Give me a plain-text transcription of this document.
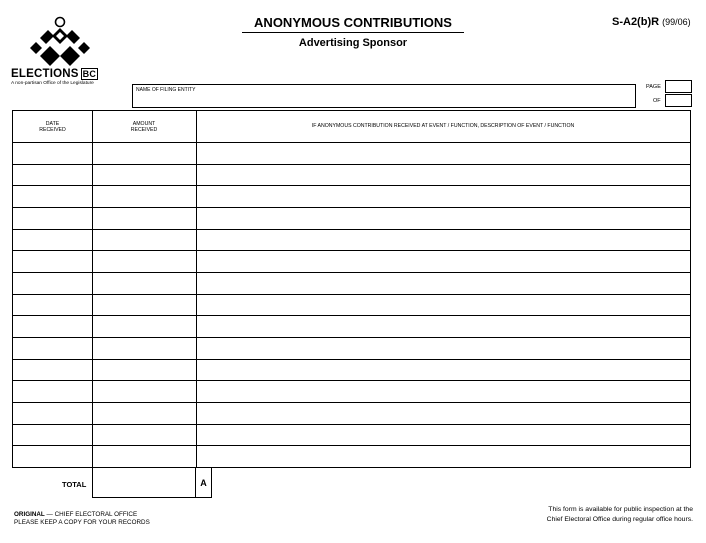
ELECTIONS BC
A non-partisan Office of the Legislature
ANONYMOUS CONTRIBUTIONS
Advertising Sponsor
S-A2(b)R (99/06)
NAME OF FILING ENTITY	PAGE
OF
DATE
RECEIVED
AMOUNT
RECEIVED
IF ANONYMOUS CONTRIBUTION RECEIVED AT EVENT / FUNCTION, DESCRIPTION OF EVENT / FUNCTION
TOTAL	A
ORIGINAL — CHIEF ELECTORAL OFFICE
PLEASE KEEP A COPY FOR YOUR RECORDS
This form is available for public inspection at the
Chief Electoral Office during regular office hours.
